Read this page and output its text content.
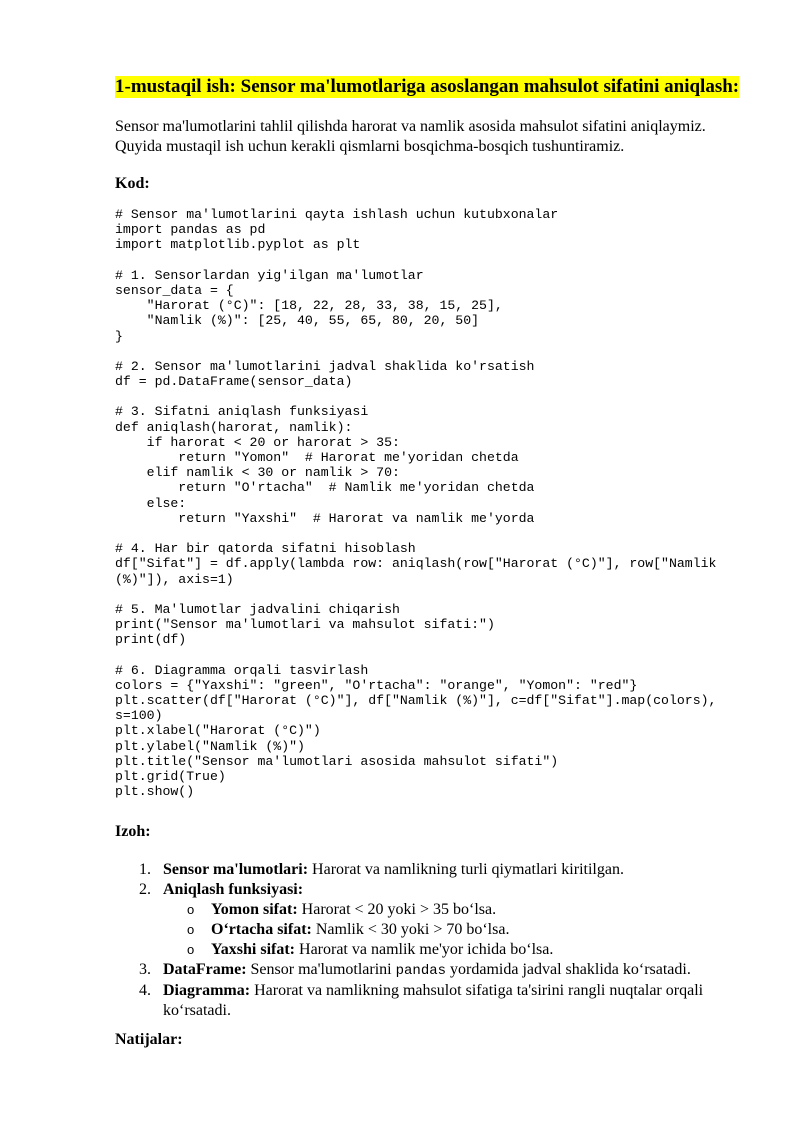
1-mustaqil ish: Sensor ma'lumotlariga asoslangan mahsulot sifatini aniqlash:
Sensor ma'lumotlarini tahlil qilishda harorat va namlik asosida mahsulot sifatini aniqlaymiz. Quyida mustaqil ish uchun kerakli qismlarni bosqichma-bosqich tushuntiramiz.
Kod:
# Sensor ma'lumotlarini qayta ishlash uchun kutubxonalar
import pandas as pd
import matplotlib.pyplot as plt
# 1. Sensorlardan yig'ilgan ma'lumotlar
sensor_data = {
"Harorat (°C)": [18, 22, 28, 33, 38, 15, 25],
"Namlik (%)": [25, 40, 55, 65, 80, 20, 50]
}
# 2. Sensor ma'lumotlarini jadval shaklida ko'rsatish
df = pd.DataFrame(sensor_data)
# 3. Sifatni aniqlash funksiyasi
def aniqlash(harorat, namlik):
if harorat < 20 or harorat > 35:
return "Yomon"  # Harorat me'yoridan chetda
elif namlik < 30 or namlik > 70:
return "O'rtacha"  # Namlik me'yoridan chetda
else:
return "Yaxshi"  # Harorat va namlik me'yorda
# 4. Har bir qatorda sifatni hisoblash
df["Sifat"] = df.apply(lambda row: aniqlash(row["Harorat (°C)"], row["Namlik
(%)"]), axis=1)
# 5. Ma'lumotlar jadvalini chiqarish
print("Sensor ma'lumotlari va mahsulot sifati:")
print(df)
# 6. Diagramma orqali tasvirlash
colors = {"Yaxshi": "green", "O'rtacha": "orange", "Yomon": "red"}
plt.scatter(df["Harorat (°C)"], df["Namlik (%)"], c=df["Sifat"].map(colors),
s=100)
plt.xlabel("Harorat (°C)")
plt.ylabel("Namlik (%)")
plt.title("Sensor ma'lumotlari asosida mahsulot sifati")
plt.grid(True)
plt.show()
Izoh:
1. Sensor ma'lumotlari: Harorat va namlikning turli qiymatlari kiritilgan.
2. Aniqlash funksiyasi:
o Yomon sifat: Harorat < 20 yoki > 35 boʻlsa.
o Oʻrtacha sifat: Namlik < 30 yoki > 70 boʻlsa.
o Yaxshi sifat: Harorat va namlik me'yor ichida boʻlsa.
3. DataFrame: Sensor ma'lumotlarini pandas yordamida jadval shaklida koʻrsatadi.
4. Diagramma: Harorat va namlikning mahsulot sifatiga ta'sirini rangli nuqtalar orqali koʻrsatadi.
Natijalar:
